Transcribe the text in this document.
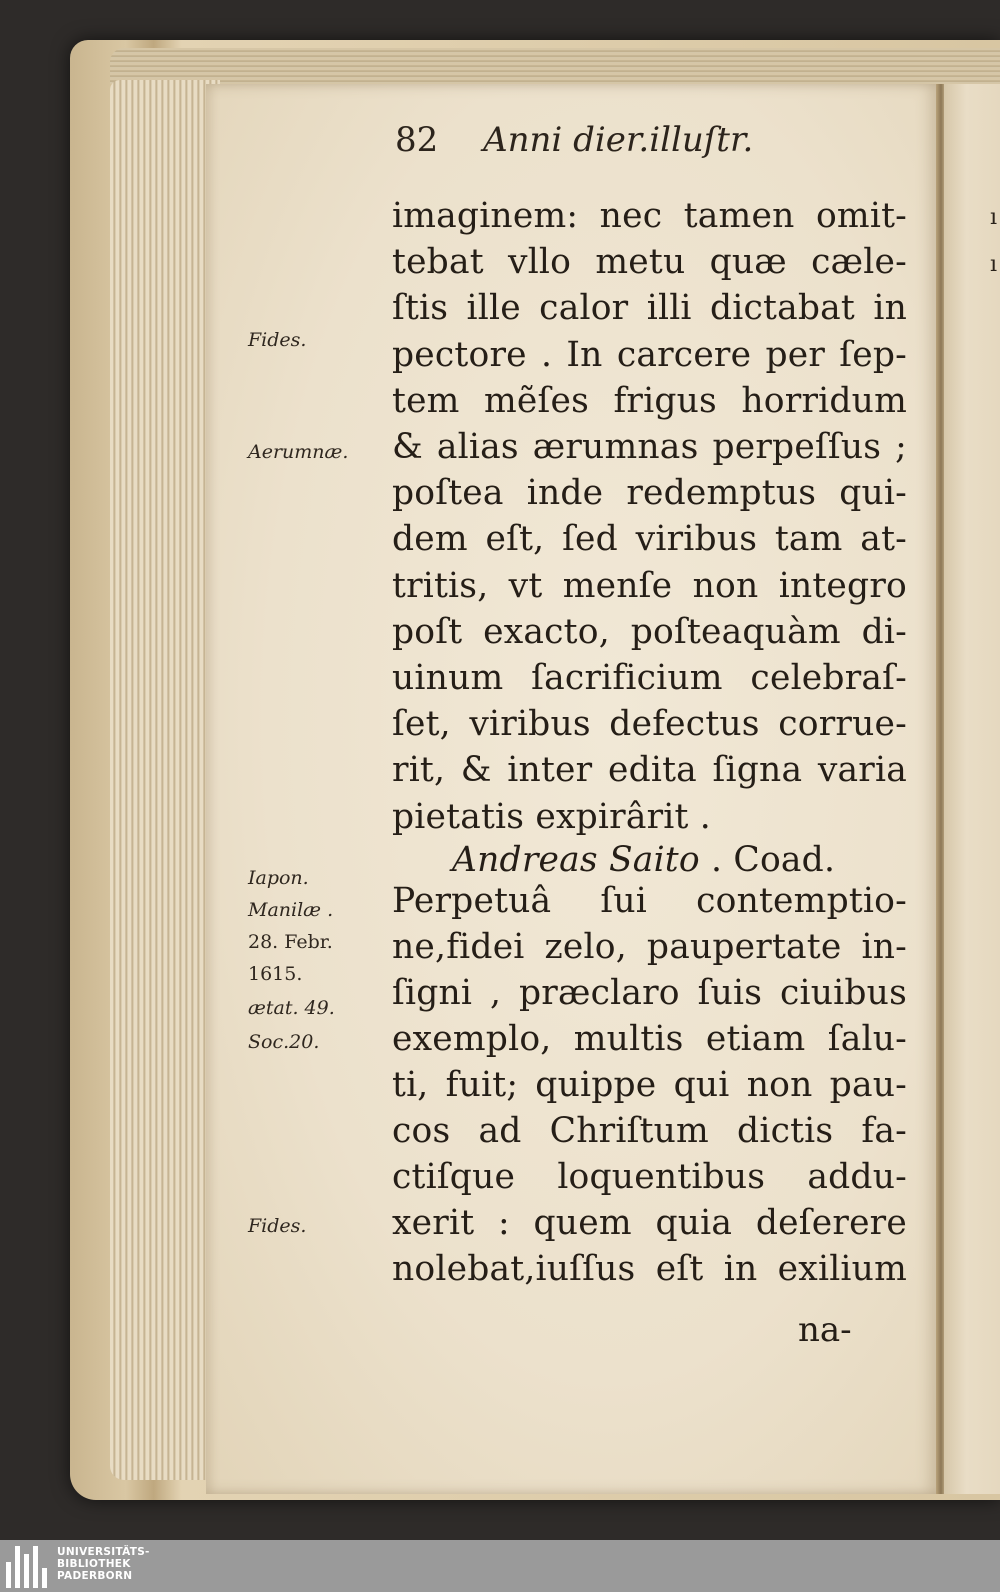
82 Anni dier.illuſtr.
imaginem: nec tamen omit-
tebat vllo metu quæ cæle-
ſtis ille calor illi dictabat in
pectore . In carcere per ſep-
tem mẽſes frigus horridum
& alias ærumnas perpeſſus ;
poſtea inde redemptus qui-
dem eſt, ſed viribus tam at-
tritis, vt menſe non integro
poſt exacto, poſteaquàm di-
uinum ſacrificium celebraſ-
ſet, viribus defectus corrue-
rit, & inter edita ſigna varia
pietatis expirârit .
Andreas Saito . Coad.
Perpetuâ ſui contemptio-
ne,fidei zelo, paupertate in-
ſigni , præclaro ſuis ciuibus
exemplo, multis etiam ſalu-
ti, fuit; quippe qui non pau-
cos ad Chriſtum dictis fa-
ctiſque loquentibus addu-
xerit : quem quia deſerere
nolebat,iuſſus eſt in exilium
na-
Fides.
Aerumnæ.
Iapon.
Manilæ .
28. Febr.
1615.
ætat. 49.
Soc.20.
Fides.
ı
ı
UNIVERSITÄTS-
BIBLIOTHEK
PADERBORN
